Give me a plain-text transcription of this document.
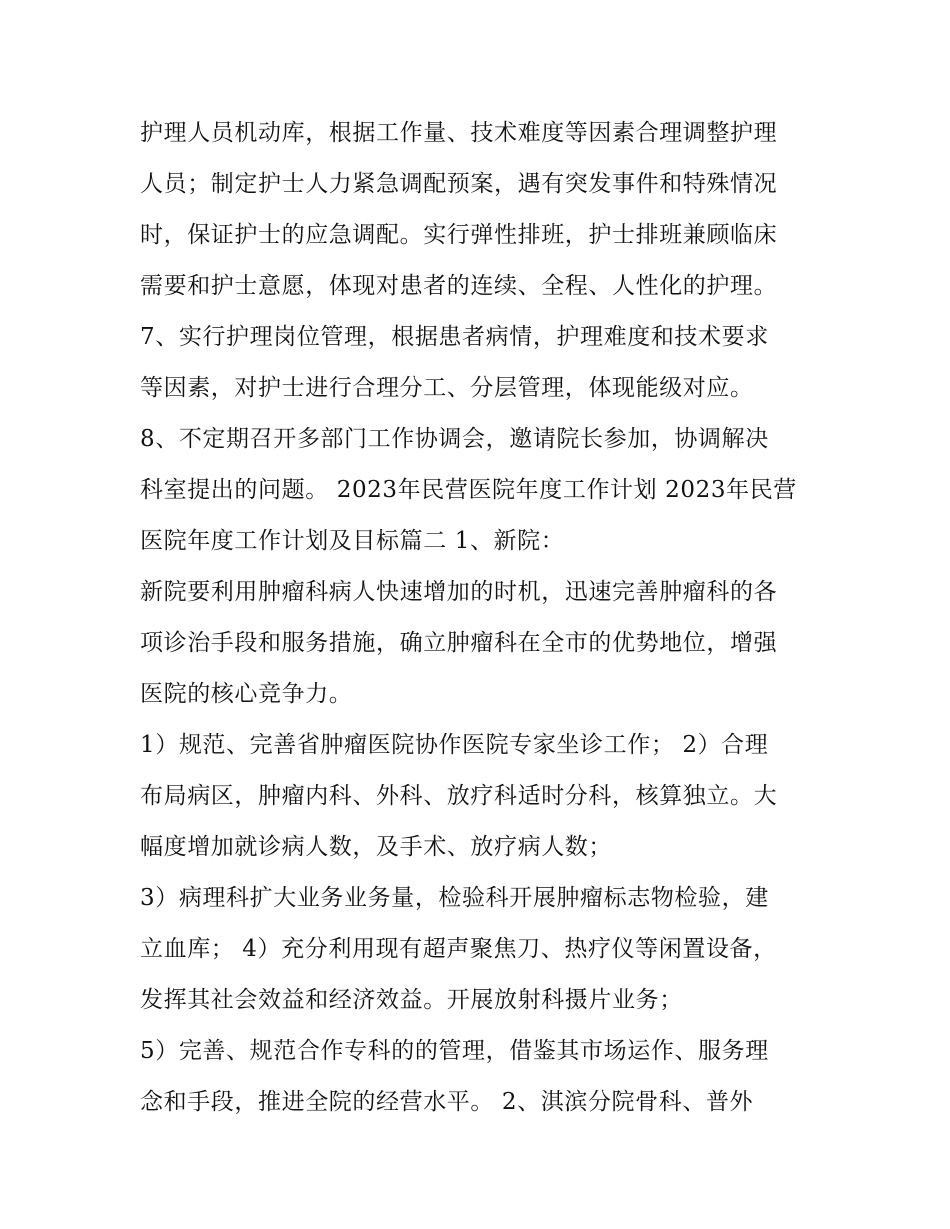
护理人员机动库，根据工作量、技术难度等因素合理调整护理
人员；制定护士人力紧急调配预案，遇有突发事件和特殊情况
时，保证护士的应急调配。实行弹性排班，护士排班兼顾临床
需要和护士意愿，体现对患者的连续、全程、人性化的护理。
7、实行护理岗位管理，根据患者病情，护理难度和技术要求
等因素，对护士进行合理分工、分层管理，体现能级对应。
8、不定期召开多部门工作协调会，邀请院长参加，协调解决
科室提出的问题。 2023年民营医院年度工作计划 2023年民营
医院年度工作计划及目标篇二 1、新院：
新院要利用肿瘤科病人快速增加的时机，迅速完善肿瘤科的各
项诊治手段和服务措施，确立肿瘤科在全市的优势地位，增强
医院的核心竞争力。
1）规范、完善省肿瘤医院协作医院专家坐诊工作； 2）合理
布局病区，肿瘤内科、外科、放疗科适时分科，核算独立。大
幅度增加就诊病人数，及手术、放疗病人数；
3）病理科扩大业务业务量，检验科开展肿瘤标志物检验，建
立血库； 4）充分利用现有超声聚焦刀、热疗仪等闲置设备，
发挥其社会效益和经济效益。开展放射科摄片业务；
5）完善、规范合作专科的的管理，借鉴其市场运作、服务理
念和手段，推进全院的经营水平。 2、淇滨分院骨科、普外
